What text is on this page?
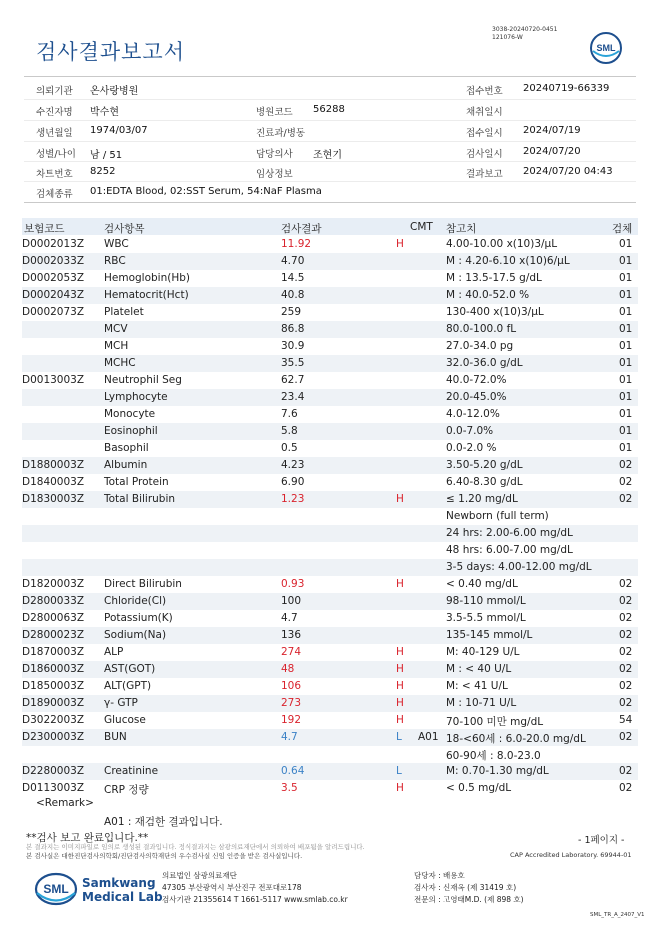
3038-20240720-0451
121076-W
검사결과보고서	SML
의뢰기관 온사랑병원	접수번호 20240719-66339
수진자명 박수현	병원코드 56288	채취일시
생년월일 1974/03/07	진료과/병동	접수일시 2024/07/19
성별/나이 남 / 51	담당의사 조현기	검사일시 2024/07/20
차트번호 8252	임상정보	결과보고 2024/07/20 04:43
검체종류 01:EDTA Blood, 02:SST Serum, 54:NaF Plasma
보험코드	검사항목	검사결과	CMT 참고치	검체
D0002013Z WBC	11.92	H	4.00-10.00 x(10)3/μL	01
D0002033Z RBC	4.70	M : 4.20-6.10 x(10)6/μL	01
D0002053Z Hemoglobin(Hb)	14.5	M : 13.5-17.5 g/dL	01
D0002043Z Hematocrit(Hct)	40.8	M : 40.0-52.0 %	01
D0002073Z Platelet	259	130-400 x(10)3/μL	01
MCV	86.8	80.0-100.0 fL	01
MCH	30.9	27.0-34.0 pg	01
MCHC	35.5	32.0-36.0 g/dL	01
D0013003Z Neutrophil Seg	62.7	40.0-72.0%	01
Lymphocyte	23.4	20.0-45.0%	01
Monocyte	7.6	4.0-12.0%	01
Eosinophil	5.8	0.0-7.0%	01
Basophil	0.5	0.0-2.0 %	01
D1880003Z Albumin	4.23	3.50-5.20 g/dL	02
D1840003Z Total Protein	6.90	6.40-8.30 g/dL	02
D1830003Z Total Bilirubin	1.23	H	≤ 1.20 mg/dL	02
Newborn (full term)
24 hrs: 2.00-6.00 mg/dL
48 hrs: 6.00-7.00 mg/dL
3-5 days: 4.00-12.00 mg/dL
D1820003Z Direct Bilirubin	0.93	H	< 0.40 mg/dL	02
D2800033Z Chloride(Cl)	100	98-110 mmol/L	02
D2800063Z Potassium(K)	4.7	3.5-5.5 mmol/L	02
D2800023Z Sodium(Na)	136	135-145 mmol/L	02
D1870003Z ALP	274	H	M: 40-129 U/L	02
D1860003Z AST(GOT)	48	H	M : < 40 U/L	02
D1850003Z ALT(GPT)	106	H	M: < 41 U/L	02
D1890003Z γ- GTP	273	H	M : 10-71 U/L	02
D3022003Z Glucose	192	H	70-100 미만 mg/dL	54
D2300003Z BUN	4.7	L A01 18-<60세 : 6.0-20.0 mg/dL	02
60-90세 : 8.0-23.0
D2280003Z Creatinine	0.64	L	M: 0.70-1.30 mg/dL	02
D0113003Z CRP 정량	3.5	H	< 0.5 mg/dL	02
<Remark>
A01 : 재검한 결과입니다.
**검사 보고 완료입니다.**	- 1페이지 -
본 결과지는 이미지파일로 임의로 생성된 결과입니다. 정식결과지는 삼광의료재단에서 의뢰하여 배포됨을 알려드립니다.
본 검사실은 대한진단검사의학회/진단검사의학재단의 우수검사실 신임 인증을 받은 검사실입니다.	CAP Accredited Laboratory. 69944-01
SML Samkwang
Medical Lab
의료법인 삼광의료재단
47305 부산광역시 부산진구 전포대로178
검사기관 21355614 T 1661-5117 www.smlab.co.kr
담당자 : 배용호
검사자 : 신재옥 (제 31419 호)
전문의 : 고영태M.D. (제 898 호)
SML_TR_A_2407_V1
